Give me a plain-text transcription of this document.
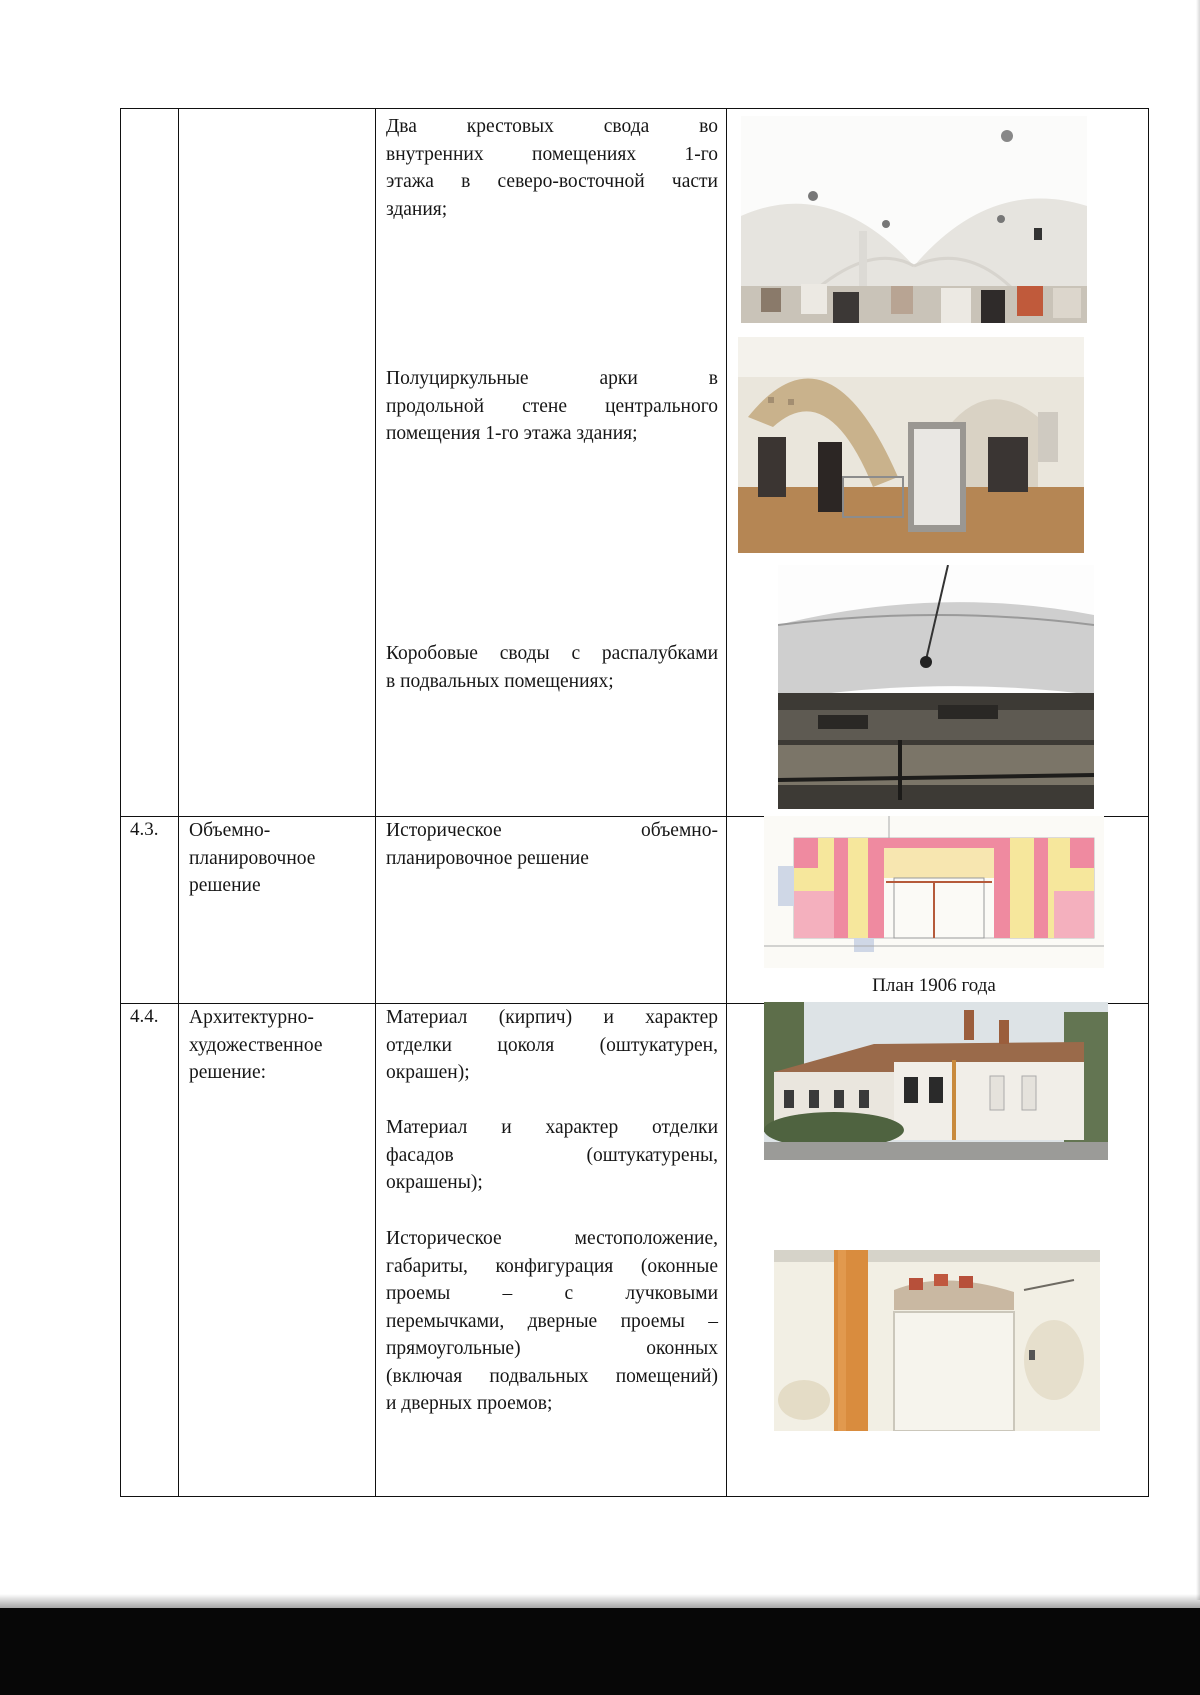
Два крестовых свода во
внутренних помещениях 1-го
этажа в северо-восточной части
здания;
Полуциркульные арки в
продольной стене центрального
помещения 1-го этажа здания;
Коробовые своды с распалубками
в подвальных помещениях;
4.3. Объемно-
планировочное
решение
Историческое объемно-
планировочное решение
План 1906 года
4.4. Архитектурно-
художественное
решение:
Материал (кирпич) и характер
отделки цоколя (оштукатурен,
окрашен);
Материал и характер отделки
фасадов (оштукатурены,
окрашены);
Историческое местоположение,
габариты, конфигурация (оконные
проемы – с лучковыми
перемычками, дверные проемы –
прямоугольные) оконных
(включая подвальных помещений)
и дверных проемов;
